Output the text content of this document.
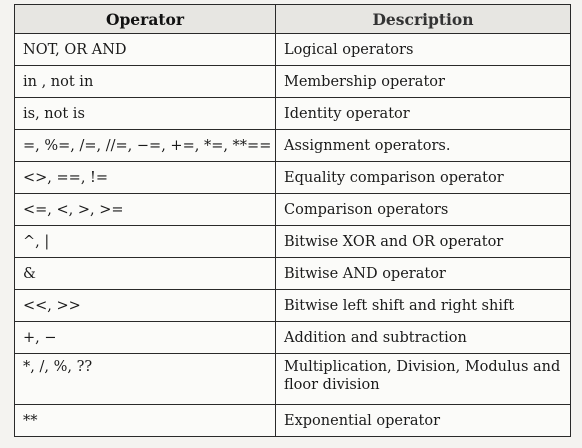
Operator	Description
NOT, OR AND	Logical operators
in , not in	Membership operator
is, not is	Identity operator
=, %=, /=, //=, −=, +=, *=, **==	Assignment operators.
<>, ==, !=	Equality comparison operator
<=, <, >, >=	Comparison operators
^, |	Bitwise XOR and OR operator
&	Bitwise AND operator
<<, >>	Bitwise left shift and right shift
+, −	Addition and subtraction
*, /, %, ??	Multiplication, Division, Modulus and floor division
**	Exponential operator
